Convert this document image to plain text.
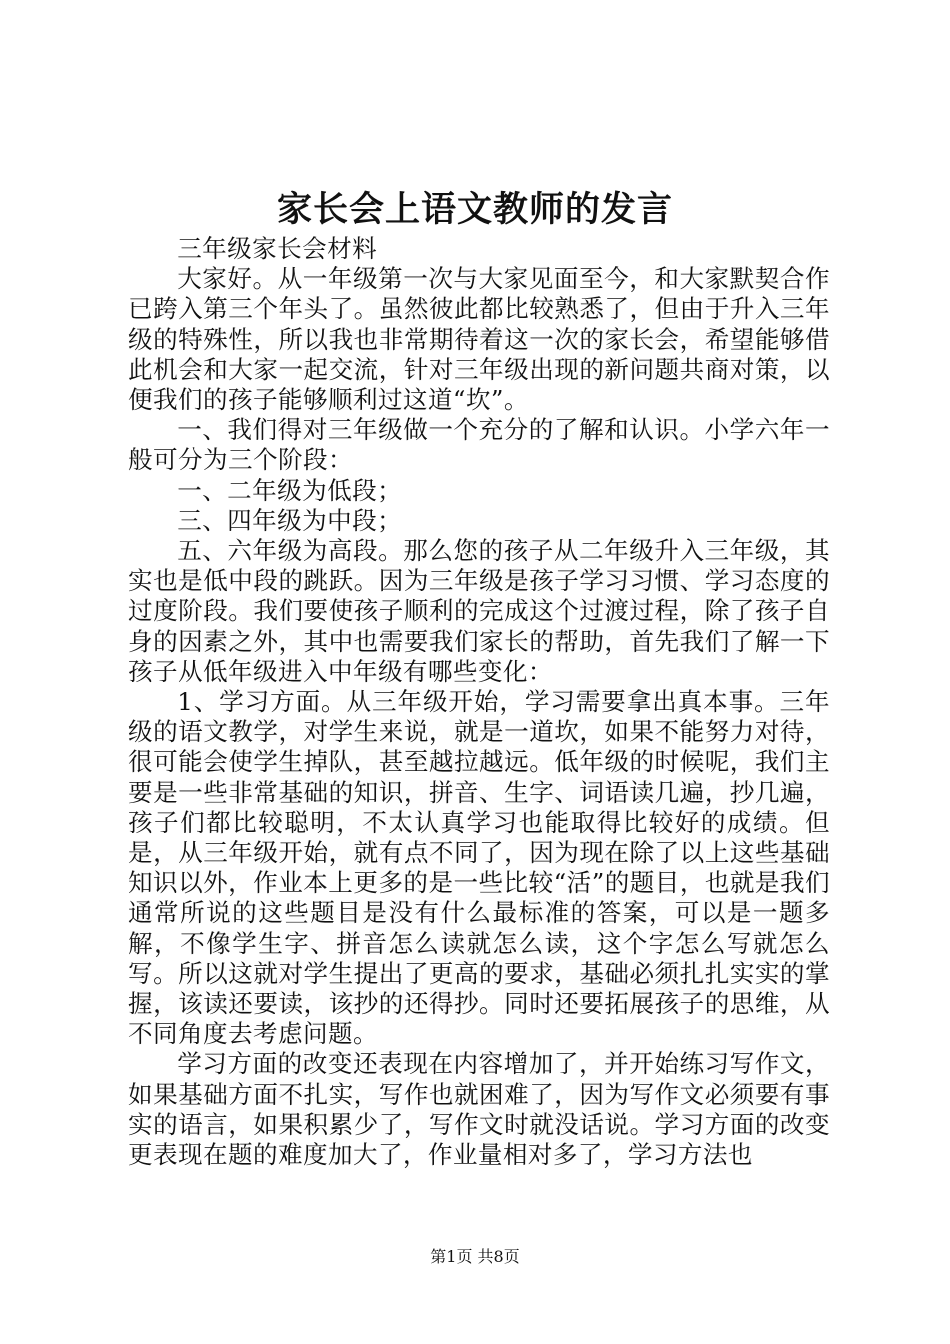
家长会上语文教师的发言

三年级家长会材料

大家好。从一年级第一次与大家见面至今，和大家默契合作已跨入第三个年头了。虽然彼此都比较熟悉了，但由于升入三年级的特殊性，所以我也非常期待着这一次的家长会，希望能够借此机会和大家一起交流，针对三年级出现的新问题共商对策，以便我们的孩子能够顺利过这道“坎”。

一、我们得对三年级做一个充分的了解和认识。小学六年一般可分为三个阶段：

一、二年级为低段；

三、四年级为中段；

五、六年级为高段。那么您的孩子从二年级升入三年级，其实也是低中段的跳跃。因为三年级是孩子学习习惯、学习态度的过度阶段。我们要使孩子顺利的完成这个过渡过程，除了孩子自身的因素之外，其中也需要我们家长的帮助，首先我们了解一下孩子从低年级进入中年级有哪些变化：

1、学习方面。从三年级开始，学习需要拿出真本事。三年级的语文教学，对学生来说，就是一道坎，如果不能努力对待，很可能会使学生掉队，甚至越拉越远。低年级的时候呢，我们主要是一些非常基础的知识，拼音、生字、词语读几遍，抄几遍，孩子们都比较聪明，不太认真学习也能取得比较好的成绩。但是，从三年级开始，就有点不同了，因为现在除了以上这些基础知识以外，作业本上更多的是一些比较“活”的题目，也就是我们通常所说的这些题目是没有什么最标准的答案，可以是一题多解，不像学生字、拼音怎么读就怎么读，这个字怎么写就怎么写。所以这就对学生提出了更高的要求，基础必须扎扎实实的掌握，该读还要读，该抄的还得抄。同时还要拓展孩子的思维，从不同角度去考虑问题。

学习方面的改变还表现在内容增加了，并开始练习写作文，如果基础方面不扎实，写作也就困难了，因为写作文必须要有事实的语言，如果积累少了，写作文时就没话说。学习方面的改变更表现在题的难度加大了，作业量相对多了，学习方法也

第1页 共8页
